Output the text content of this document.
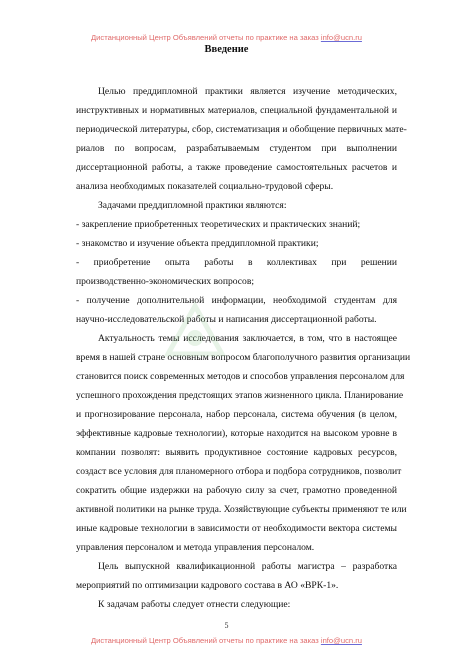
Дистанционный Центр Объявлений отчеты по практике на заказ info@ucn.ru
Введение
Целью преддипломной практики является изучение методических,
инструктивных и нормативных материалов, специальной фундаментальной и
периодической литературы, сбор, систематизация и обобщение первичных мате-
риалов по вопросам, разрабатываемым студентом при выполнении
диссертационной работы, а также проведение самостоятельных расчетов и
анализа необходимых показателей социально-трудовой сферы.
Задачами преддипломной практики являются:
- закрепление приобретенных теоретических и практических знаний;
- знакомство и изучение объекта преддипломной практики;
- приобретение опыта работы в коллективах при решении
производственно-экономических вопросов;
- получение дополнительной информации, необходимой студентам для
научно-исследовательской работы и написания диссертационной работы.
Актуальность темы исследования заключается, в том, что в настоящее
время в нашей стране основным вопросом благополучного развития организации
становится поиск современных методов и способов управления персоналом для
успешного прохождения предстоящих этапов жизненного цикла. Планирование
и прогнозирование персонала, набор персонала, система обучения (в целом,
эффективные кадровые технологии), которые находится на высоком уровне в
компании позволят: выявить продуктивное состояние кадровых ресурсов,
создаст все условия для планомерного отбора и подбора сотрудников, позволит
сократить общие издержки на рабочую силу за счет, грамотно проведенной
активной политики на рынке труда. Хозяйствующие субъекты применяют те или
иные кадровые технологии в зависимости от необходимости вектора системы
управления персоналом и метода управления персоналом.
Цель выпускной квалификационной работы магистра – разработка
мероприятий по оптимизации кадрового состава в АО «ВРК-1».
К задачам работы следует отнести следующие:
5
Дистанционный Центр Объявлений отчеты по практике на заказ info@ucn.ru
